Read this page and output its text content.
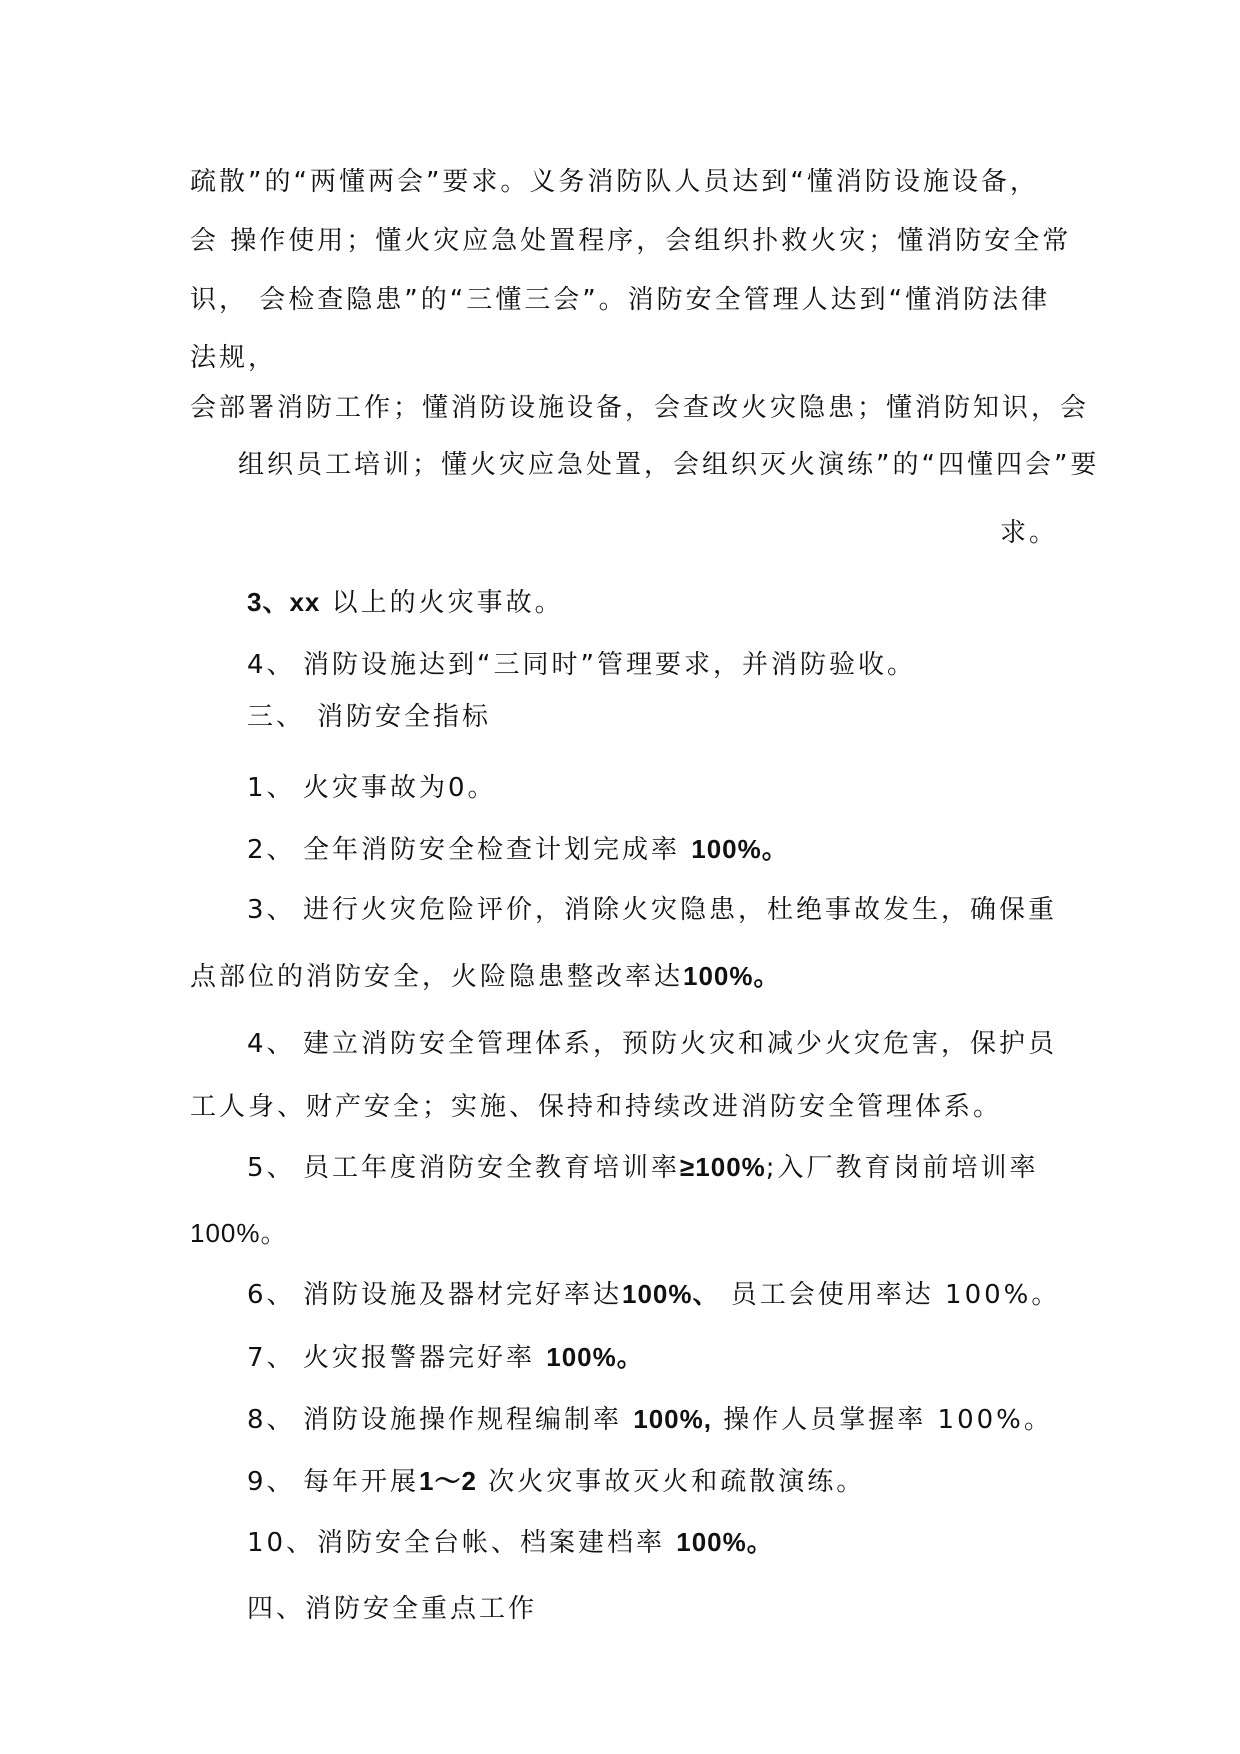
疏散”的“两懂两会”要求。义务消防队人员达到“懂消防设施设备，
会 操作使用；懂火灾应急处置程序，会组织扑救火灾；懂消防安全常
识， 会检查隐患”的“三懂三会”。消防安全管理人达到“懂消防法律
法规，
会部署消防工作；懂消防设施设备，会查改火灾隐患；懂消防知识，会
组织员工培训；懂火灾应急处置，会组织灭火演练”的“四懂四会”要
求。
3、xx 以上的火灾事故。
4、 消防设施达到“三同时”管理要求，并消防验收。
三、 消防安全指标
1、 火灾事故为0。
2、 全年消防安全检查计划完成率 100%。
3、 进行火灾危险评价，消除火灾隐患，杜绝事故发生，确保重
点部位的消防安全，火险隐患整改率达100%。
4、 建立消防安全管理体系，预防火灾和减少火灾危害，保护员
工人身、财产安全；实施、保持和持续改进消防安全管理体系。
5、 员工年度消防安全教育培训率≥100%;入厂教育岗前培训率
100%。
6、 消防设施及器材完好率达100%、 员工会使用率达 100%。
7、 火灾报警器完好率 100%。
8、 消防设施操作规程编制率 100%, 操作人员掌握率 100%。
9、 每年开展1～2 次火灾事故灭火和疏散演练。
10、消防安全台帐、档案建档率 100%。
四、消防安全重点工作
